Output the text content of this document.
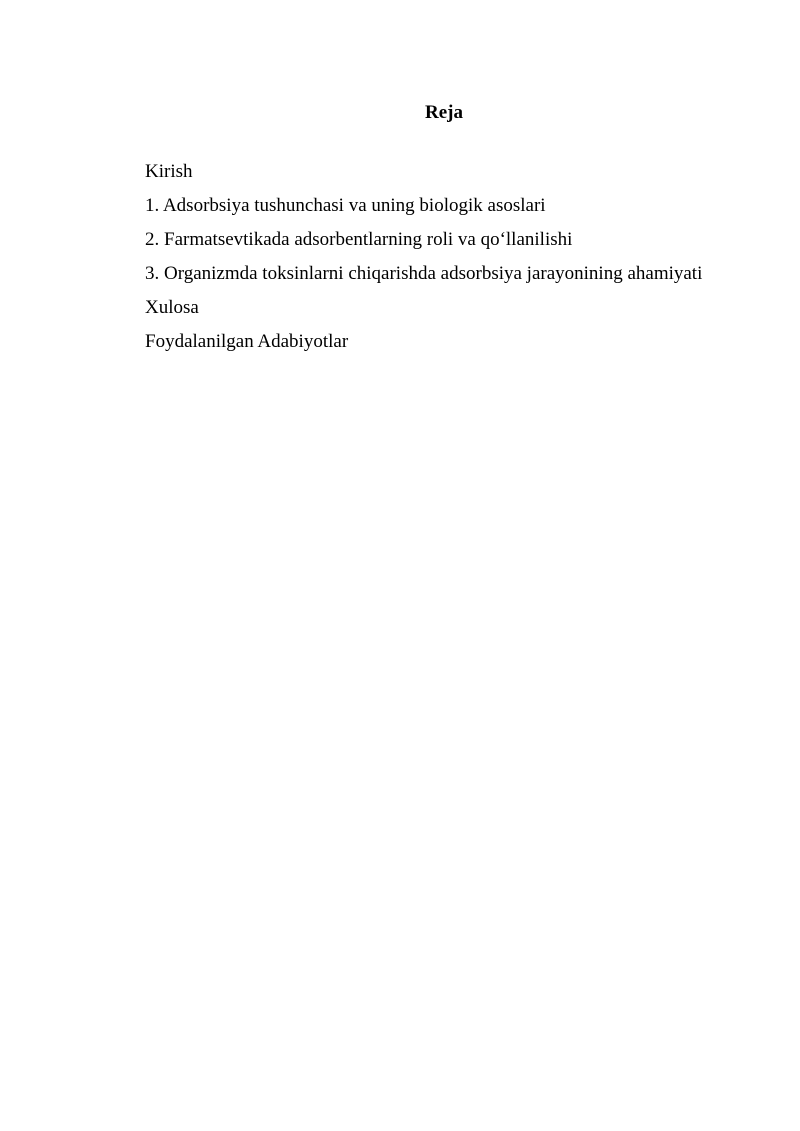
Reja
Kirish
1. Adsorbsiya tushunchasi va uning biologik asoslari
2. Farmatsevtikada adsorbentlarning roli va qo‘llanilishi
3. Organizmda toksinlarni chiqarishda adsorbsiya jarayonining ahamiyati
Xulosa
Foydalanilgan Adabiyotlar
